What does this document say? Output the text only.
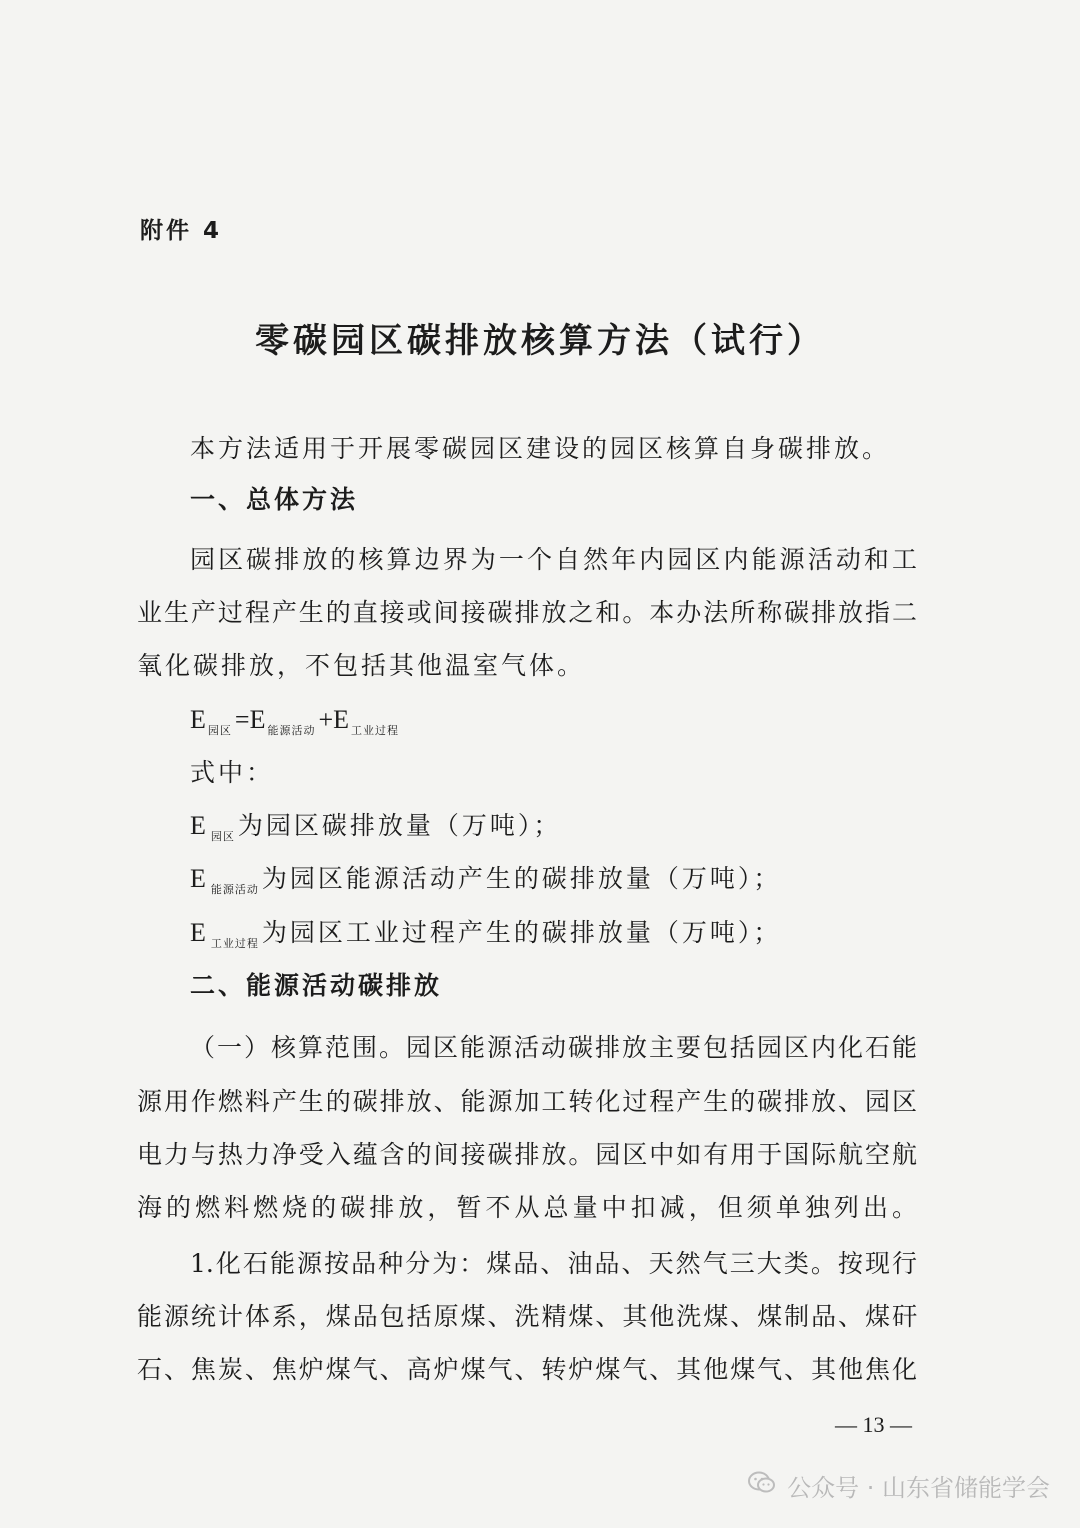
附件 4
零碳园区碳排放核算方法（试行）
本方法适用于开展零碳园区建设的园区核算自身碳排放。
一、总体方法
园区碳排放的核算边界为一个自然年内园区内能源活动和工
业生产过程产生的直接或间接碳排放之和。本办法所称碳排放指二
氧化碳排放，不包括其他温室气体。
E $_{园区}$ =E $_{能源活动}$ +E $_{工业过程}$
式中：
E $_{园区}$ 为园区碳排放量（万吨）；
E $_{能源活动}$ 为园区能源活动产生的碳排放量（万吨）；
E $_{工业过程}$ 为园区工业过程产生的碳排放量（万吨）；
二、能源活动碳排放
（一）核算范围。园区能源活动碳排放主要包括园区内化石能
源用作燃料产生的碳排放、能源加工转化过程产生的碳排放、园区
电力与热力净受入蕴含的间接碳排放。园区中如有用于国际航空航
海的燃料燃烧的碳排放，暂不从总量中扣减，但须单独列出。
1.化石能源按品种分为：煤品、油品、天然气三大类。按现行
能源统计体系，煤品包括原煤、洗精煤、其他洗煤、煤制品、煤矸
石、焦炭、焦炉煤气、高炉煤气、转炉煤气、其他煤气、其他焦化
— 13 —
公众号 · 山东省储能学会
